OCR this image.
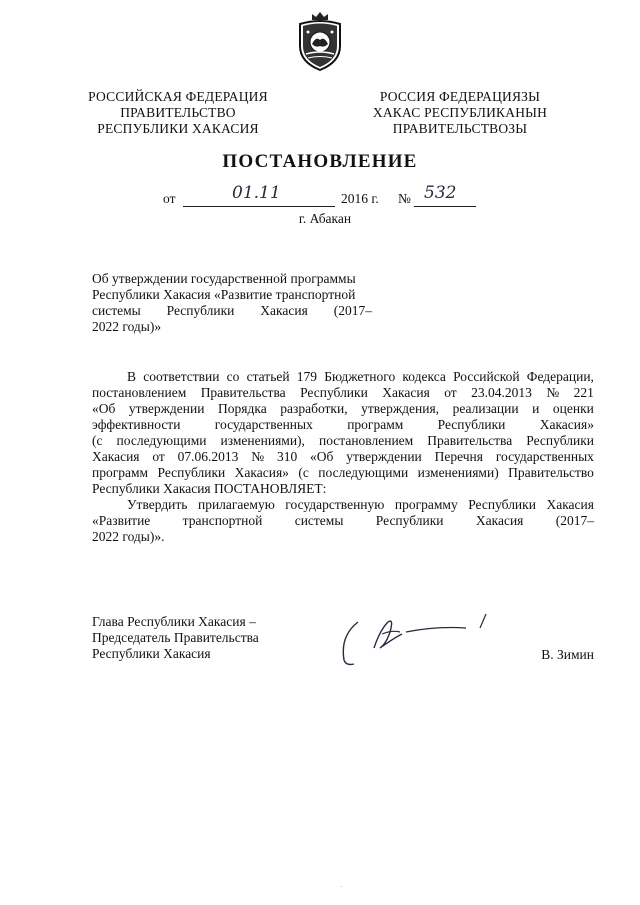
РОССИЙСКАЯ ФЕДЕРАЦИЯ
ПРАВИТЕЛЬСТВО
РЕСПУБЛИКИ ХАКАСИЯ
РОССИЯ ФЕДЕРАЦИЯЗЫ
ХАКАС РЕСПУБЛИКАНЫН
ПРАВИТЕЛЬСТВОЗЫ
ПОСТАНОВЛЕНИЕ
от	01.11	2016 г. № 532
г. Абакан
Об утверждении государственной программы
Республики Хакасия «Развитие транспортной
системы Республики Хакасия (2017–
2022 годы)»
В соответствии со статьей 179 Бюджетного кодекса Российской Федерации,
постановлением Правительства Республики Хакасия от 23.04.2013 № 221
«Об утверждении Порядка разработки, утверждения, реализации и оценки
эффективности	государственных	программ	Республики	Хакасия»
(с последующими изменениями), постановлением Правительства Республики
Хакасия от 07.06.2013 № 310 «Об утверждении Перечня государственных
программ Республики Хакасия» (с последующими изменениями) Правительство
Республики Хакасия ПОСТАНОВЛЯЕТ:
Утвердить прилагаемую государственную программу Республики Хакасия
«Развитие транспортной системы Республики Хакасия (2017–
2022 годы)».
Глава Республики Хакасия –
Председатель Правительства
Республики Хакасия	В. Зимин
..
